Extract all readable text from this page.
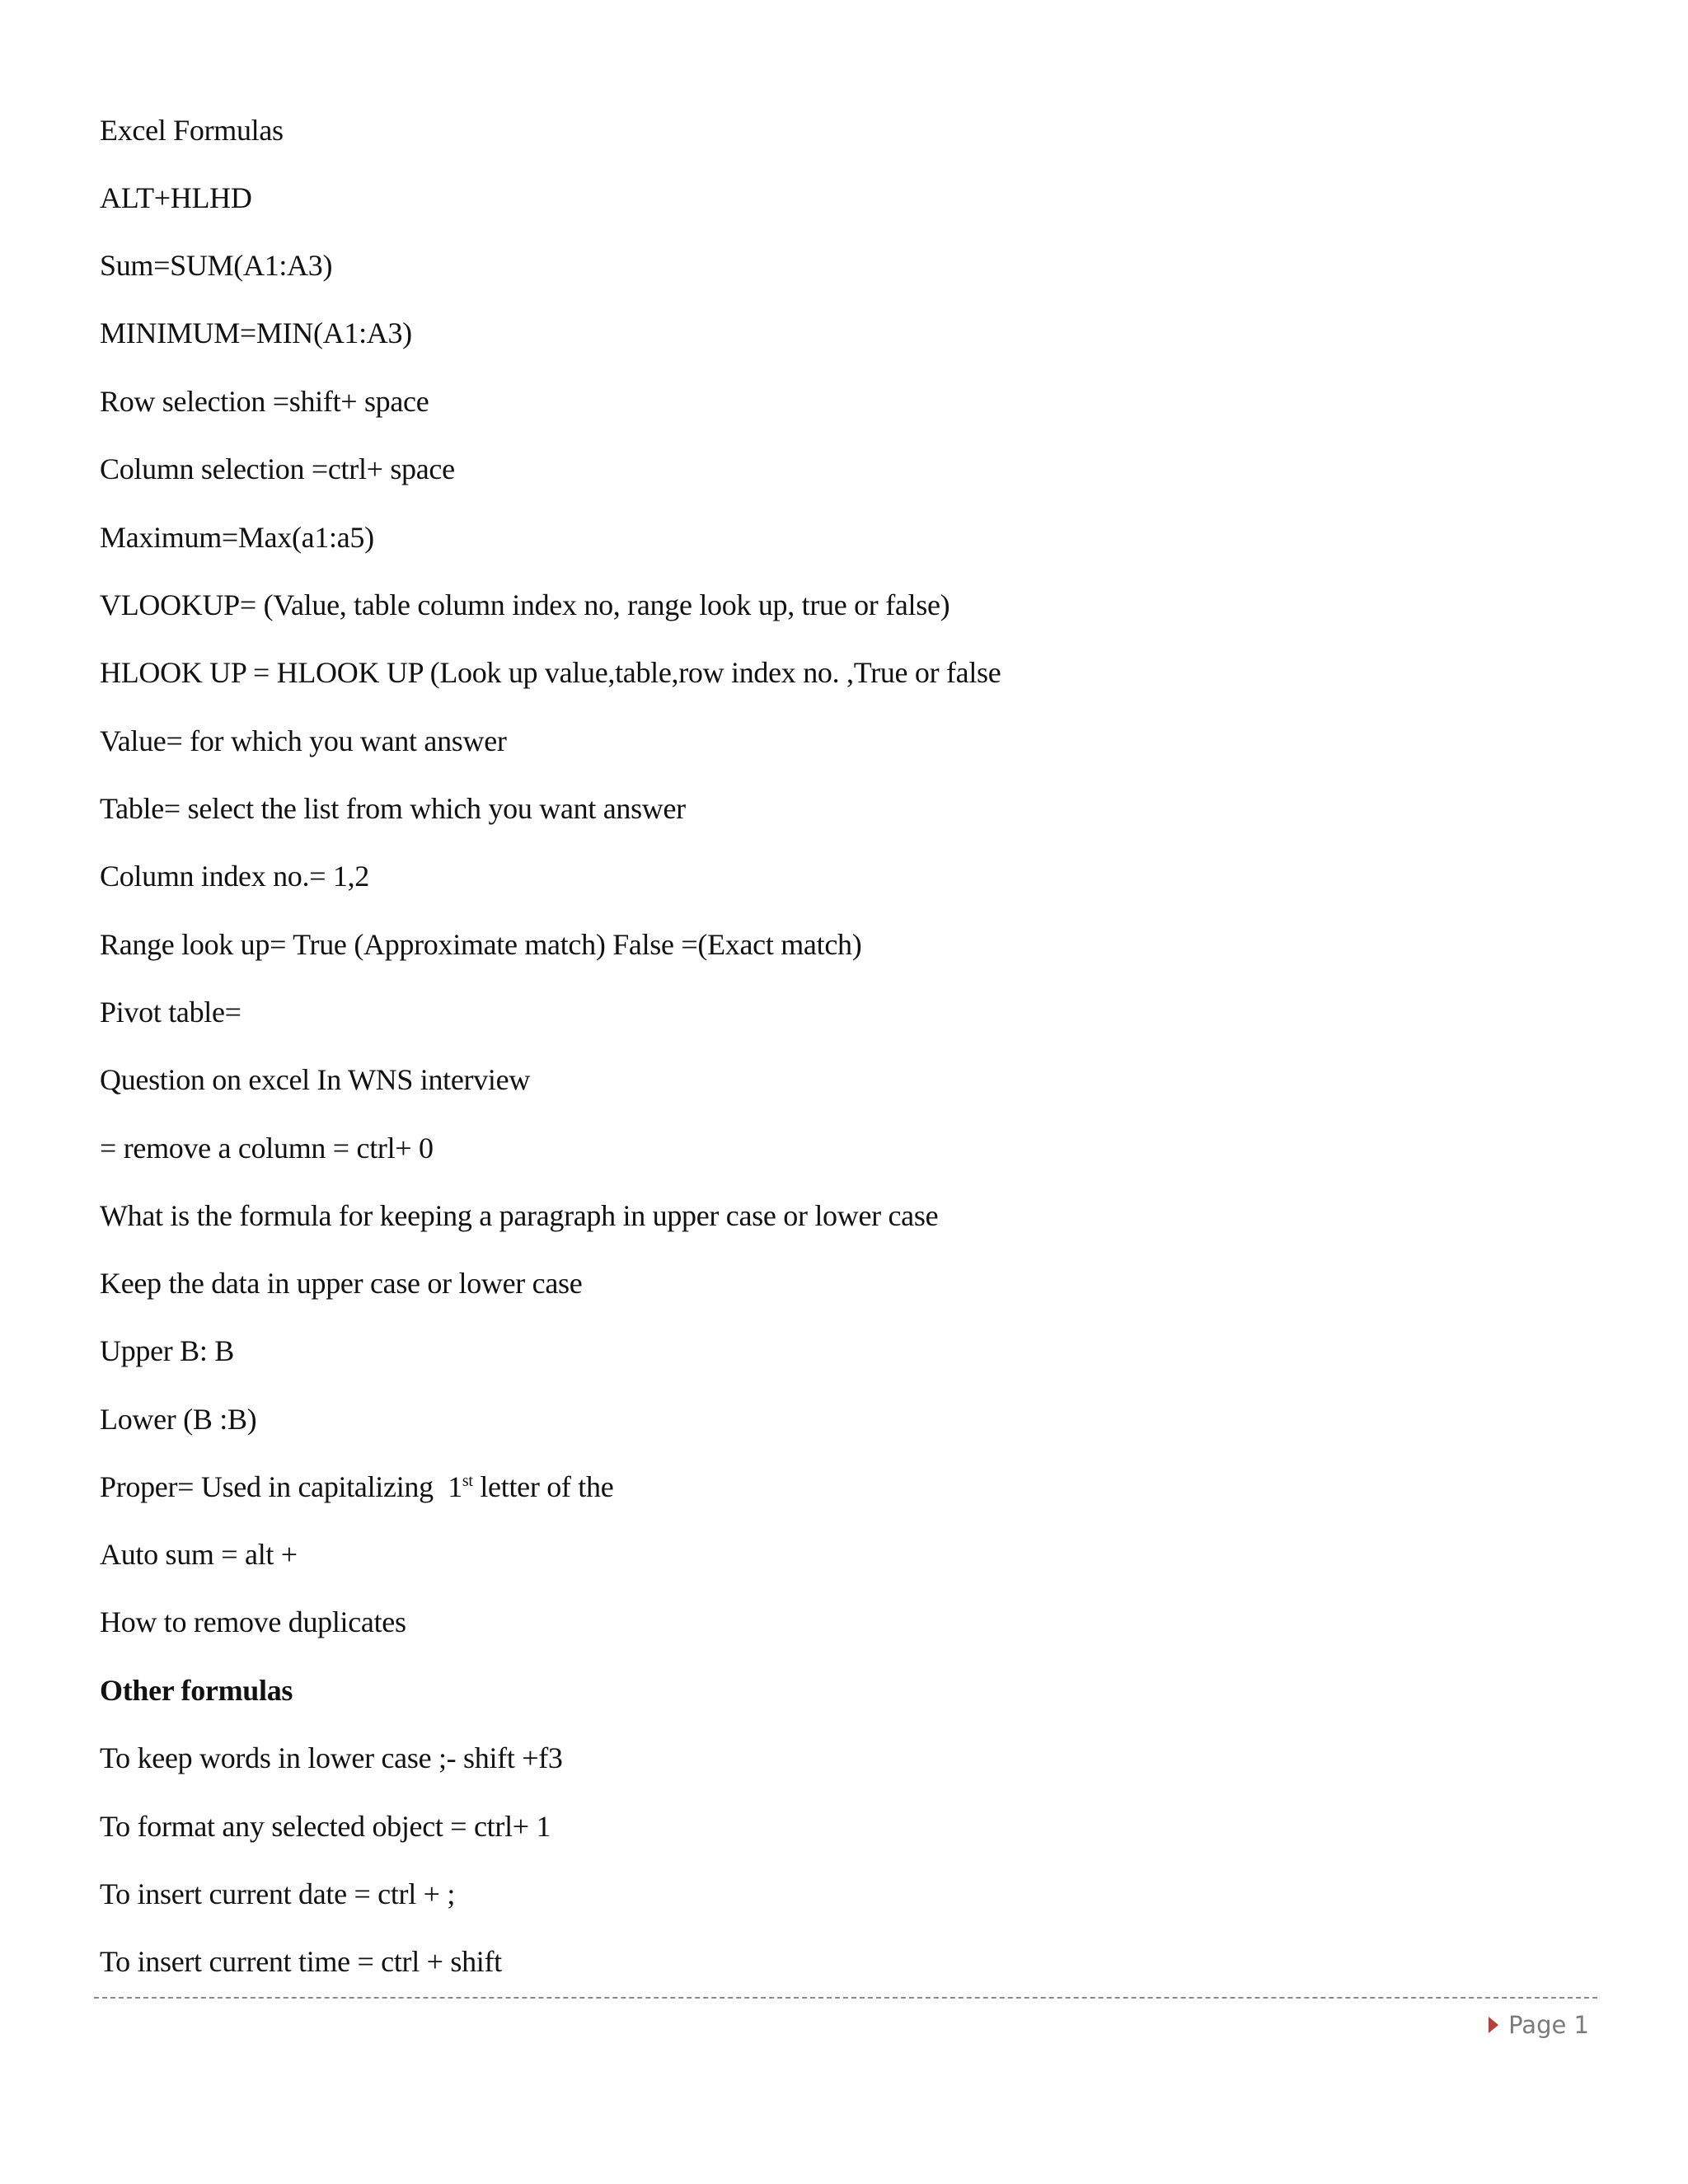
Excel Formulas
ALT+HLHD
Sum=SUM(A1:A3)
MINIMUM=MIN(A1:A3)
Row selection =shift+ space
Column selection =ctrl+ space
Maximum=Max(a1:a5)
VLOOKUP= (Value, table column index no, range look up, true or false)
HLOOK UP = HLOOK UP (Look up value,table,row index no. ,True or false
Value= for which you want answer
Table= select the list from which you want answer
Column index no.= 1,2
Range look up= True (Approximate match) False =(Exact match)
Pivot table=
Question on excel In WNS interview
= remove a column = ctrl+ 0
What is the formula for keeping a paragraph in upper case or lower case
Keep the data in upper case or lower case
Upper B: B
Lower (B :B)
Proper= Used in capitalizing  1st letter of the
Auto sum = alt +
How to remove duplicates
Other formulas
To keep words in lower case ;- shift +f3
To format any selected object = ctrl+ 1
To insert current date = ctrl + ;
To insert current time = ctrl + shift
Page 1
